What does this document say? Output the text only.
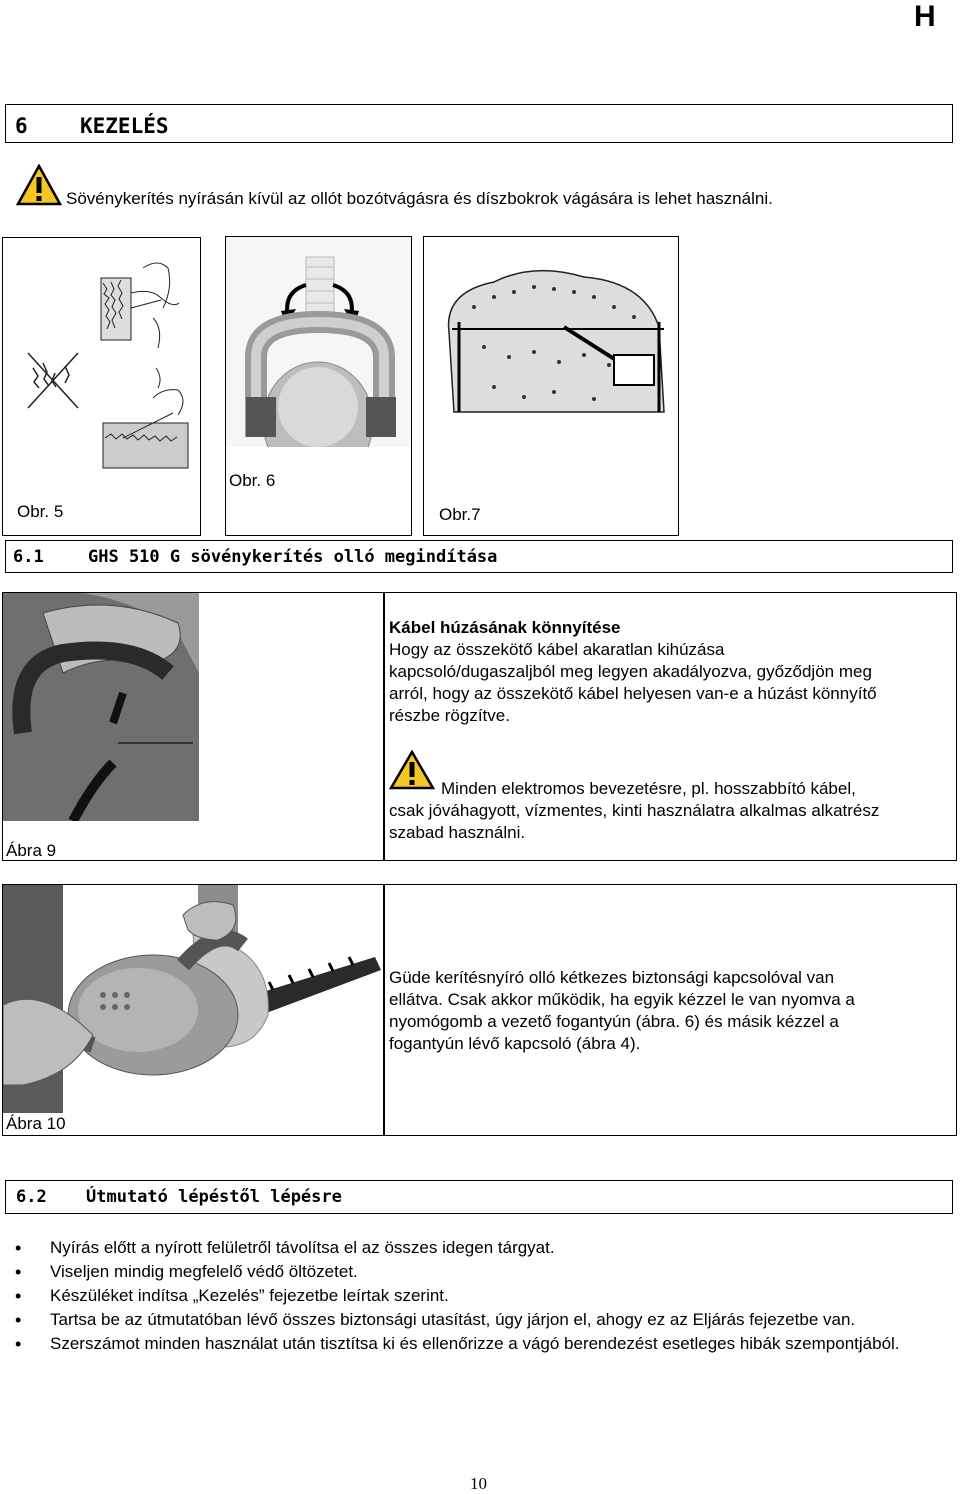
H
6 KEZELÉS
Sövénykerítés nyírásán kívül az ollót bozótvágásra és díszbokrok vágására is lehet használni.
Obr. 5
Obr. 6
Obr.7
6.1	GHS 510 G sövénykerítés olló megindítása
Ábra 9
Kábel húzásának könnyítése
Hogy az összekötő kábel akaratlan kihúzása
kapcsoló/dugaszaljból meg legyen akadályozva, győződjön meg
arról, hogy az összekötő kábel helyesen van-e a húzást könnyítő
részbe rögzítve.
Minden elektromos bevezetésre, pl. hosszabbító kábel,
csak jóváhagyott, vízmentes, kinti használatra alkalmas alkatrész
szabad használni.
Ábra 10
Güde kerítésnyíró olló kétkezes biztonsági kapcsolóval van
ellátva. Csak akkor működik, ha egyik kézzel le van nyomva a
nyomógomb a vezető fogantyún (ábra. 6) és másik kézzel a
fogantyún lévő kapcsoló (ábra 4).
6.2 Útmutató lépéstől lépésre
• Nyírás előtt a nyírott felületről távolítsa el az összes idegen tárgyat.
• Viseljen mindig megfelelő védő öltözetet.
• Készüléket indítsa „Kezelés” fejezetbe leírtak szerint.
• Tartsa be az útmutatóban lévő összes biztonsági utasítást, úgy járjon el, ahogy ez az Eljárás fejezetbe van.
• Szerszámot minden használat után tisztítsa ki és ellenőrizze a vágó berendezést esetleges hibák szempontjából.
10
